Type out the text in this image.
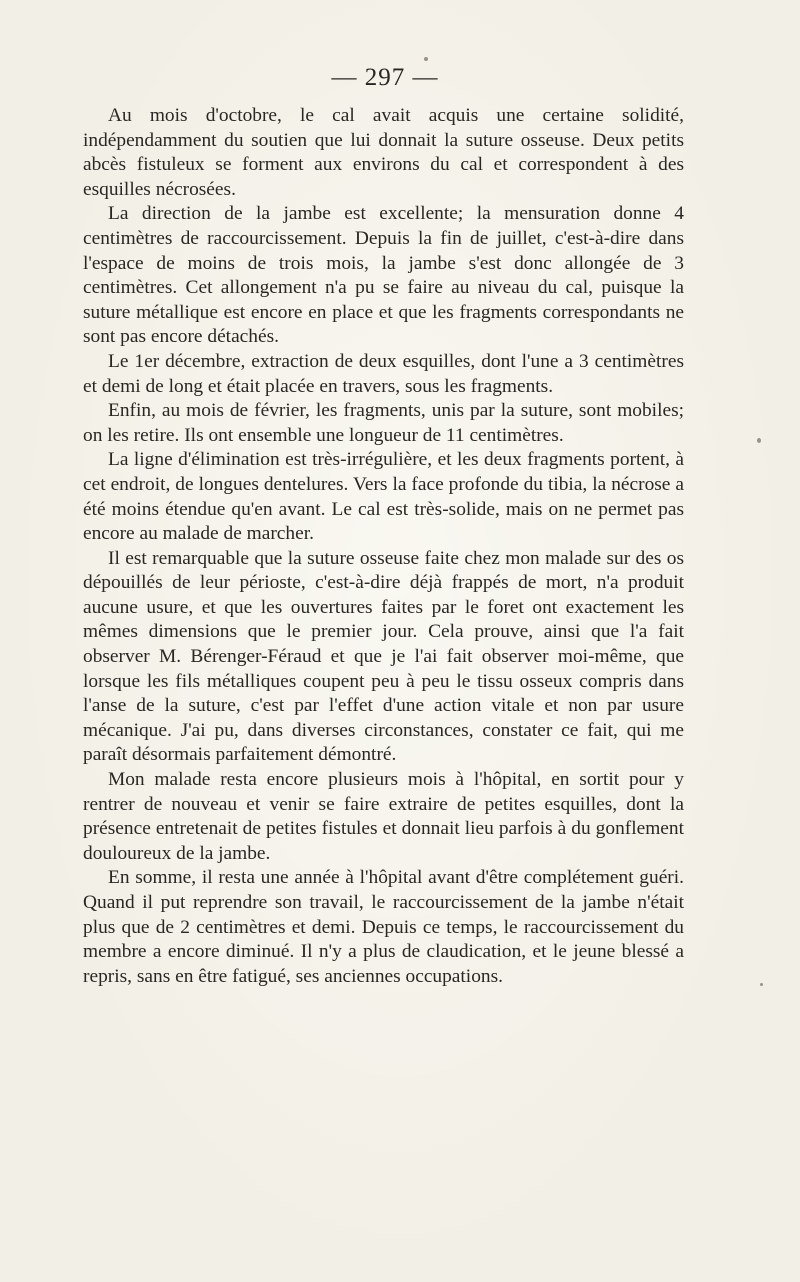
— 297 —

Au mois d'octobre, le cal avait acquis une certaine solidité, indépendamment du soutien que lui donnait la suture osseuse. Deux petits abcès fistuleux se forment aux environs du cal et correspondent à des esquilles nécrosées.

La direction de la jambe est excellente; la mensuration donne 4 centimètres de raccourcissement. Depuis la fin de juillet, c'est-à-dire dans l'espace de moins de trois mois, la jambe s'est donc allongée de 3 centimètres. Cet allongement n'a pu se faire au niveau du cal, puisque la suture métallique est encore en place et que les fragments correspondants ne sont pas encore détachés.

Le 1er décembre, extraction de deux esquilles, dont l'une a 3 centimètres et demi de long et était placée en travers, sous les fragments.

Enfin, au mois de février, les fragments, unis par la suture, sont mobiles; on les retire. Ils ont ensemble une longueur de 11 centimètres.

La ligne d'élimination est très-irrégulière, et les deux fragments portent, à cet endroit, de longues dentelures. Vers la face profonde du tibia, la nécrose a été moins étendue qu'en avant. Le cal est très-solide, mais on ne permet pas encore au malade de marcher.

Il est remarquable que la suture osseuse faite chez mon malade sur des os dépouillés de leur périoste, c'est-à-dire déjà frappés de mort, n'a produit aucune usure, et que les ouvertures faites par le foret ont exactement les mêmes dimensions que le premier jour. Cela prouve, ainsi que l'a fait observer M. Bérenger-Féraud et que je l'ai fait observer moi-même, que lorsque les fils métalliques coupent peu à peu le tissu osseux compris dans l'anse de la suture, c'est par l'effet d'une action vitale et non par usure mécanique. J'ai pu, dans diverses circonstances, constater ce fait, qui me paraît désormais parfaitement démontré.

Mon malade resta encore plusieurs mois à l'hôpital, en sortit pour y rentrer de nouveau et venir se faire extraire de petites esquilles, dont la présence entretenait de petites fistules et donnait lieu parfois à du gonflement douloureux de la jambe.

En somme, il resta une année à l'hôpital avant d'être complétement guéri. Quand il put reprendre son travail, le raccourcissement de la jambe n'était plus que de 2 centimètres et demi. Depuis ce temps, le raccourcissement du membre a encore diminué. Il n'y a plus de claudication, et le jeune blessé a repris, sans en être fatigué, ses anciennes occupations.
